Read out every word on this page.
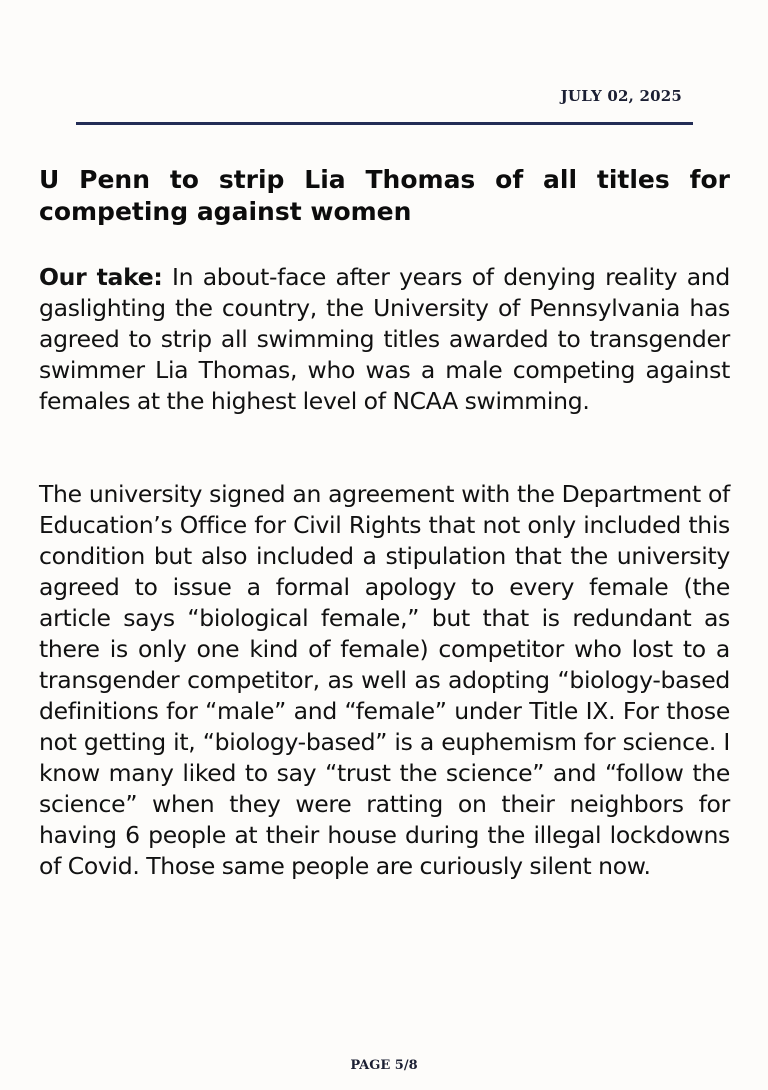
JULY 02, 2025
U Penn to strip Lia Thomas of all titles for competing against women

Our take: In about-face after years of denying reality and gaslighting the country, the University of Pennsylvania has agreed to strip all swimming titles awarded to transgender swimmer Lia Thomas, who was a male competing against females at the highest level of NCAA swimming.

The university signed an agreement with the Department of Education’s Office for Civil Rights that not only included this condition but also included a stipulation that the university agreed to issue a formal apology to every female (the article says “biological female,” but that is redundant as there is only one kind of female) competitor who lost to a transgender competitor, as well as adopting “biology-based definitions for “male” and “female” under Title IX. For those not getting it, “biology-based” is a euphemism for science. I know many liked to say “trust the science” and “follow the science” when they were ratting on their neighbors for having 6 people at their house during the illegal lockdowns of Covid. Those same people are curiously silent now.

PAGE 5/8
